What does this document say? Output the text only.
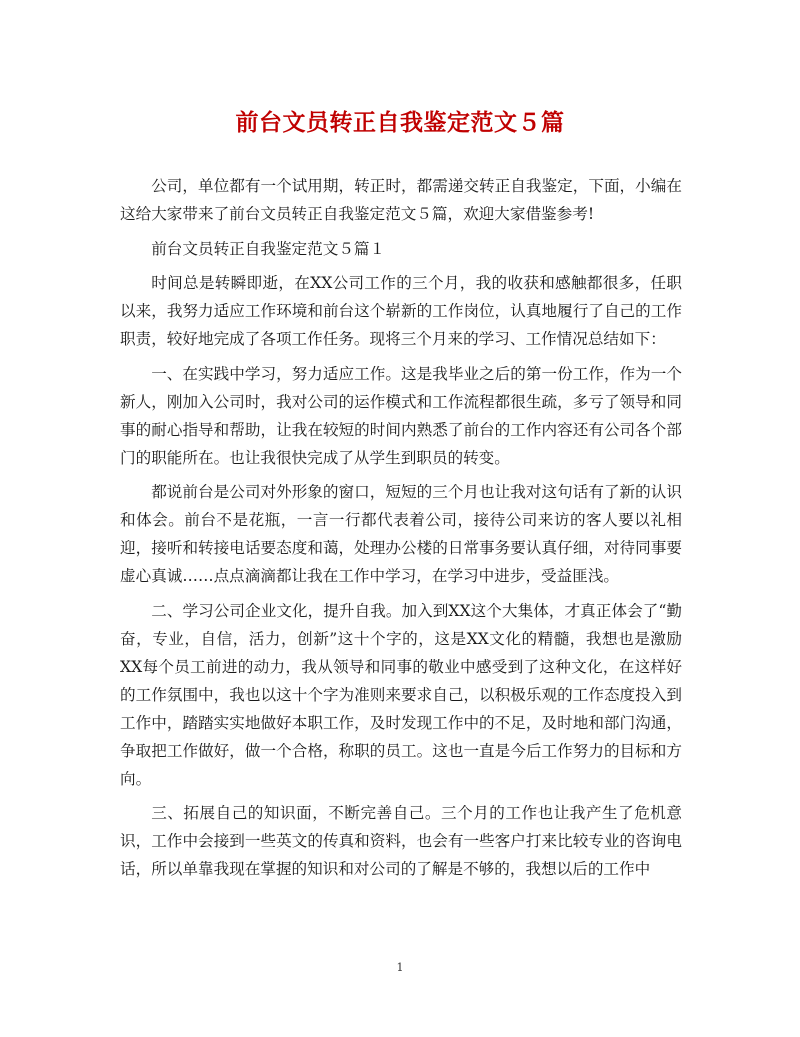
前台文员转正自我鉴定范文５篇

公司，单位都有一个试用期，转正时，都需递交转正自我鉴定，下面，小编在这给大家带来了前台文员转正自我鉴定范文５篇，欢迎大家借鉴参考!

前台文员转正自我鉴定范文５篇１

时间总是转瞬即逝，在XX公司工作的三个月，我的收获和感触都很多，任职以来，我努力适应工作环境和前台这个崭新的工作岗位，认真地履行了自己的工作职责，较好地完成了各项工作任务。现将三个月来的学习、工作情况总结如下：

一、在实践中学习，努力适应工作。这是我毕业之后的第一份工作，作为一个新人，刚加入公司时，我对公司的运作模式和工作流程都很生疏，多亏了领导和同事的耐心指导和帮助，让我在较短的时间内熟悉了前台的工作内容还有公司各个部门的职能所在。也让我很快完成了从学生到职员的转变。

都说前台是公司对外形象的窗口，短短的三个月也让我对这句话有了新的认识和体会。前台不是花瓶，一言一行都代表着公司，接待公司来访的客人要以礼相迎，接听和转接电话要态度和蔼，处理办公楼的日常事务要认真仔细，对待同事要虚心真诚……点点滴滴都让我在工作中学习，在学习中进步，受益匪浅。

二、学习公司企业文化，提升自我。加入到XX这个大集体，才真正体会了“勤奋，专业，自信，活力，创新”这十个字的，这是XX文化的精髓，我想也是激励XX每个员工前进的动力，我从领导和同事的敬业中感受到了这种文化，在这样好的工作氛围中，我也以这十个字为准则来要求自己，以积极乐观的工作态度投入到工作中，踏踏实实地做好本职工作，及时发现工作中的不足，及时地和部门沟通，争取把工作做好，做一个合格，称职的员工。这也一直是今后工作努力的目标和方向。

三、拓展自己的知识面，不断完善自己。三个月的工作也让我产生了危机意识，工作中会接到一些英文的传真和资料，也会有一些客户打来比较专业的咨询电话，所以单靠我现在掌握的知识和对公司的了解是不够的，我想以后的工作中

1
